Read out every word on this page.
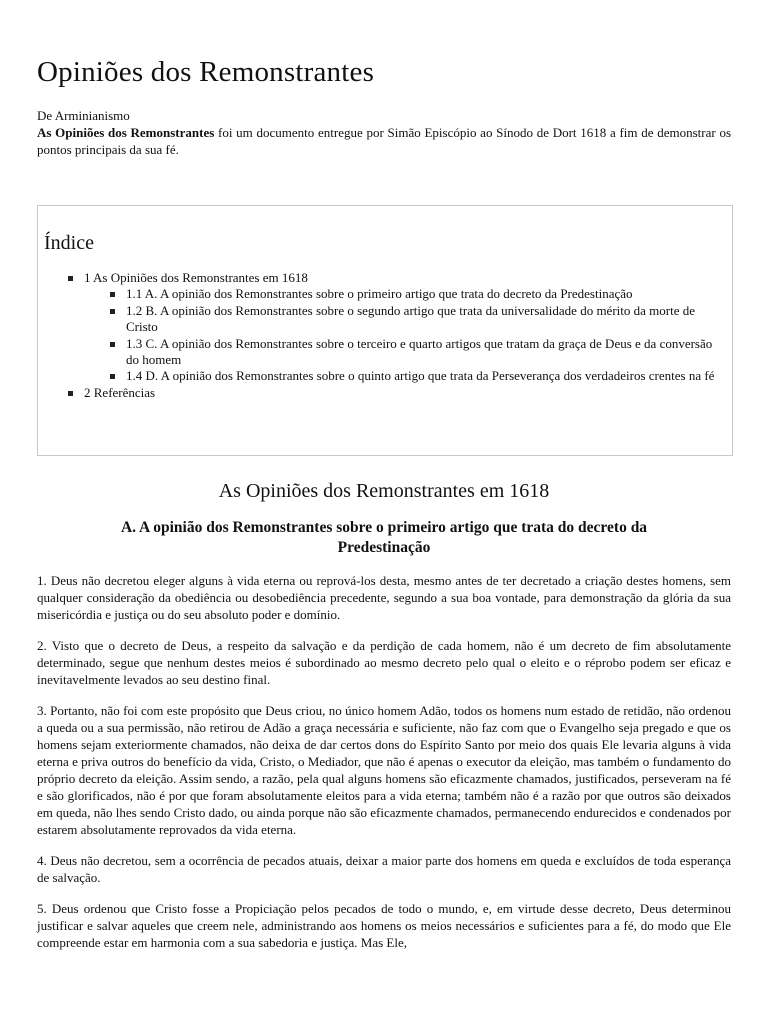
Opiniões dos Remonstrantes
De Arminianismo

As Opiniões dos Remonstrantes foi um documento entregue por Simão Episcópio ao Sínodo de Dort 1618 a fim de demonstrar os pontos principais da sua fé.

Índice
1 As Opiniões dos Remonstrantes em 1618
1.1 A. A opinião dos Remonstrantes sobre o primeiro artigo que trata do decreto da Predestinação
1.2 B. A opinião dos Remonstrantes sobre o segundo artigo que trata da universalidade do mérito da morte de Cristo
1.3 C. A opinião dos Remonstrantes sobre o terceiro e quarto artigos que tratam da graça de Deus e da conversão do homem
1.4 D. A opinião dos Remonstrantes sobre o quinto artigo que trata da Perseverança dos verdadeiros crentes na fé
2 Referências
As Opiniões dos Remonstrantes em 1618
A. A opinião dos Remonstrantes sobre o primeiro artigo que trata do decreto da Predestinação

1. Deus não decretou eleger alguns à vida eterna ou reprová-los desta, mesmo antes de ter decretado a criação destes homens, sem qualquer consideração da obediência ou desobediência precedente, segundo a sua boa vontade, para demonstração da glória da sua misericórdia e justiça ou do seu absoluto poder e domínio.

2. Visto que o decreto de Deus, a respeito da salvação e da perdição de cada homem, não é um decreto de fim absolutamente determinado, segue que nenhum destes meios é subordinado ao mesmo decreto pelo qual o eleito e o réprobo podem ser eficaz e inevitavelmente levados ao seu destino final.

3. Portanto, não foi com este propósito que Deus criou, no único homem Adão, todos os homens num estado de retidão, não ordenou a queda ou a sua permissão, não retirou de Adão a graça necessária e suficiente, não faz com que o Evangelho seja pregado e que os homens sejam exteriormente chamados, não deixa de dar certos dons do Espírito Santo por meio dos quais Ele levaria alguns à vida eterna e priva outros do benefício da vida, Cristo, o Mediador, que não é apenas o executor da eleição, mas também o fundamento do próprio decreto da eleição. Assim sendo, a razão, pela qual alguns homens são eficazmente chamados, justificados, perseveram na fé e são glorificados, não é por que foram absolutamente eleitos para a vida eterna; também não é a razão por que outros são deixados em queda, não lhes sendo Cristo dado, ou ainda porque não são eficazmente chamados, permanecendo endurecidos e condenados por estarem absolutamente reprovados da vida eterna.

4. Deus não decretou, sem a ocorrência de pecados atuais, deixar a maior parte dos homens em queda e excluídos de toda esperança de salvação.

5. Deus ordenou que Cristo fosse a Propiciação pelos pecados de todo o mundo, e, em virtude desse decreto, Deus determinou justificar e salvar aqueles que creem nele, administrando aos homens os meios necessários e suficientes para a fé, do modo que Ele compreende estar em harmonia com a sua sabedoria e justiça. Mas Ele,
